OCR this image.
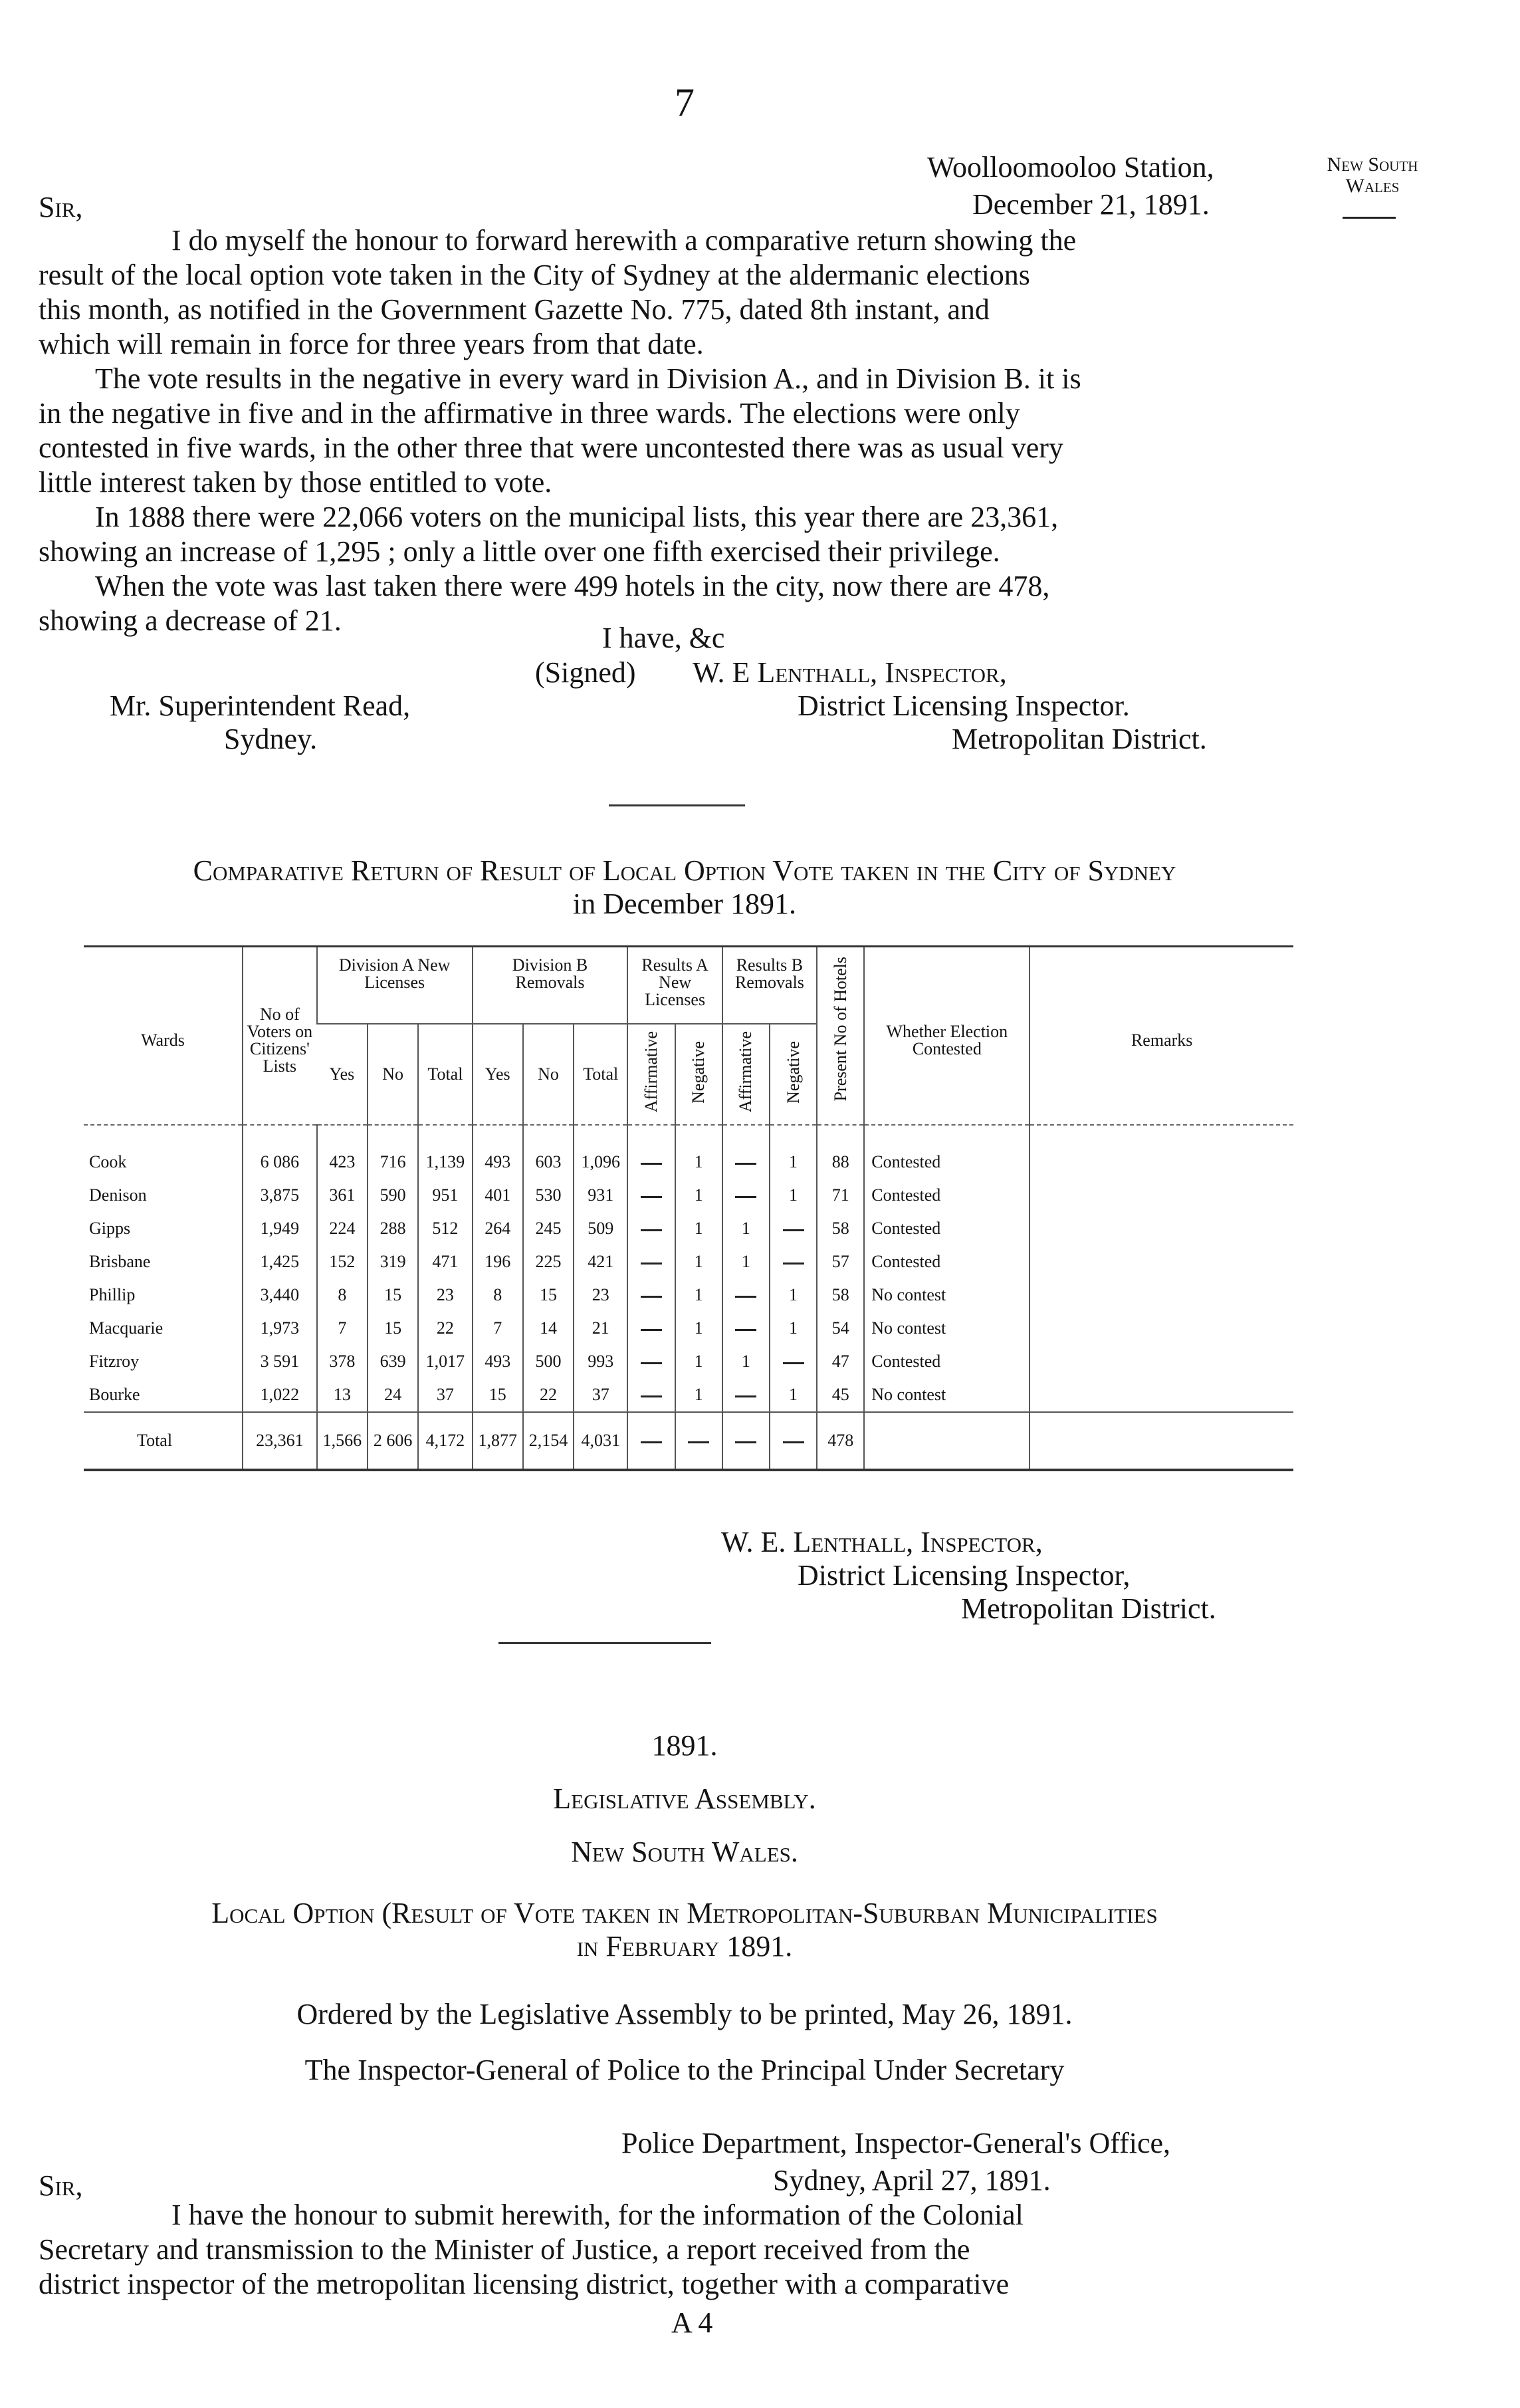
7
New South
Wales
Woolloomooloo Station,
Sir,	December 21, 1891.
I do myself the honour to forward herewith a comparative return showing the
result of the local option vote taken in the City of Sydney at the aldermanic elections
this month, as notified in the Government Gazette No. 775, dated 8th instant, and
which will remain in force for three years from that date.
The vote results in the negative in every ward in Division A., and in Division B. it is
in the negative in five and in the affirmative in three wards. The elections were only
contested in five wards, in the other three that were uncontested there was as usual very
little interest taken by those entitled to vote.
In 1888 there were 22,066 voters on the municipal lists, this year there are 23,361,
showing an increase of 1,295 ; only a little over one fifth exercised their privilege.
When the vote was last taken there were 499 hotels in the city, now there are 478,
showing a decrease of 21.
I have, &c
(Signed) W. E Lenthall, Inspector,
Mr. Superintendent Read,	District Licensing Inspector.
Sydney.	Metropolitan District.
Comparative Return of Result of Local Option Vote taken in the City of Sydney
in December 1891.
Wards	No of Voters on Citizens' Lists	Division A New Licenses			Division B Removals			Results A New Licenses		Results B Removals		Present No of Hotels	Whether Election Contested	Remarks
		Yes	No	Total	Yes	No	Total	Affirmative	Negative	Affirmative	Negative			

Cook	6 086	423	716	1,139	493	603	1,096		1		1	88	Contested	
Denison	3,875	361	590	951	401	530	931		1		1	71	Contested	
Gipps	1,949	224	288	512	264	245	509		1	1		58	Contested	
Brisbane	1,425	152	319	471	196	225	421		1	1		57	Contested	
Phillip	3,440	8	15	23	8	15	23		1		1	58	No contest	
Macquarie	1,973	7	15	22	7	14	21		1		1	54	No contest	
Fitzroy	3 591	378	639	1,017	493	500	993		1	1		47	Contested	
Bourke	1,022	13	24	37	15	22	37		1		1	45	No contest	
Total	23,361	1,566	2 606	4,172	1,877	2,154	4,031					478		

W. E. Lenthall, Inspector,
District Licensing Inspector,
Metropolitan District.
1891.
Legislative Assembly.
New South Wales.
Local Option (Result of Vote taken in Metropolitan-Suburban Municipalities
in February 1891.
Ordered by the Legislative Assembly to be printed, May 26, 1891.
The Inspector-General of Police to the Principal Under Secretary
Police Department, Inspector-General's Office,
Sir,	Sydney, April 27, 1891.
I have the honour to submit herewith, for the information of the Colonial
Secretary and transmission to the Minister of Justice, a report received from the
district inspector of the metropolitan licensing district, together with a comparative
A 4
